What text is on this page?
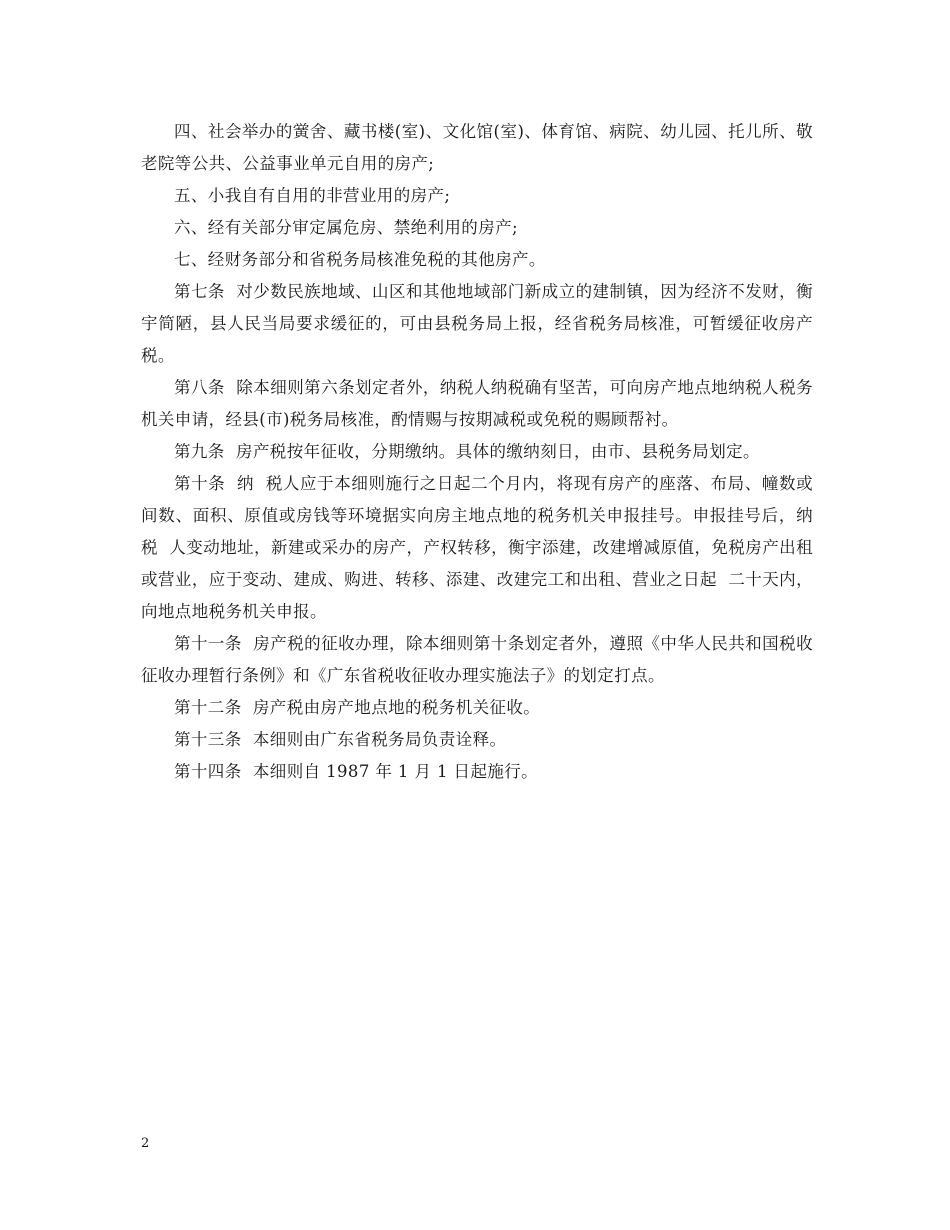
四、社会举办的黉舍、藏书楼(室)、文化馆(室)、体育馆、病院、幼儿园、托儿所、敬老院等公共、公益事业单元自用的房产;

五、小我自有自用的非营业用的房产;

六、经有关部分审定属危房、禁绝利用的房产;

七、经财务部分和省税务局核准免税的其他房产。

第七条  对少数民族地域、山区和其他地域部门新成立的建制镇，因为经济不发财，衡宇简陋，县人民当局要求缓征的，可由县税务局上报，经省税务局核准，可暂缓征收房产税。

第八条  除本细则第六条划定者外，纳税人纳税确有坚苦，可向房产地点地纳税人税务机关申请，经县(市)税务局核准，酌情赐与按期减税或免税的赐顾帮衬。

第九条  房产税按年征收，分期缴纳。具体的缴纳刻日，由市、县税务局划定。

第十条  纳  税人应于本细则施行之日起二个月内，将现有房产的座落、布局、幢数或间数、面积、原值或房钱等环境据实向房主地点地的税务机关申报挂号。申报挂号后，纳税  人变动地址，新建或采办的房产，产权转移，衡宇添建，改建增减原值，免税房产出租或营业，应于变动、建成、购进、转移、添建、改建完工和出租、营业之日起  二十天内，向地点地税务机关申报。

第十一条  房产税的征收办理，除本细则第十条划定者外，遵照《中华人民共和国税收征收办理暂行条例》和《广东省税收征收办理实施法子》的划定打点。

第十二条  房产税由房产地点地的税务机关征收。

第十三条  本细则由广东省税务局负责诠释。

第十四条  本细则自 1987 年 1 月 1 日起施行。

2
